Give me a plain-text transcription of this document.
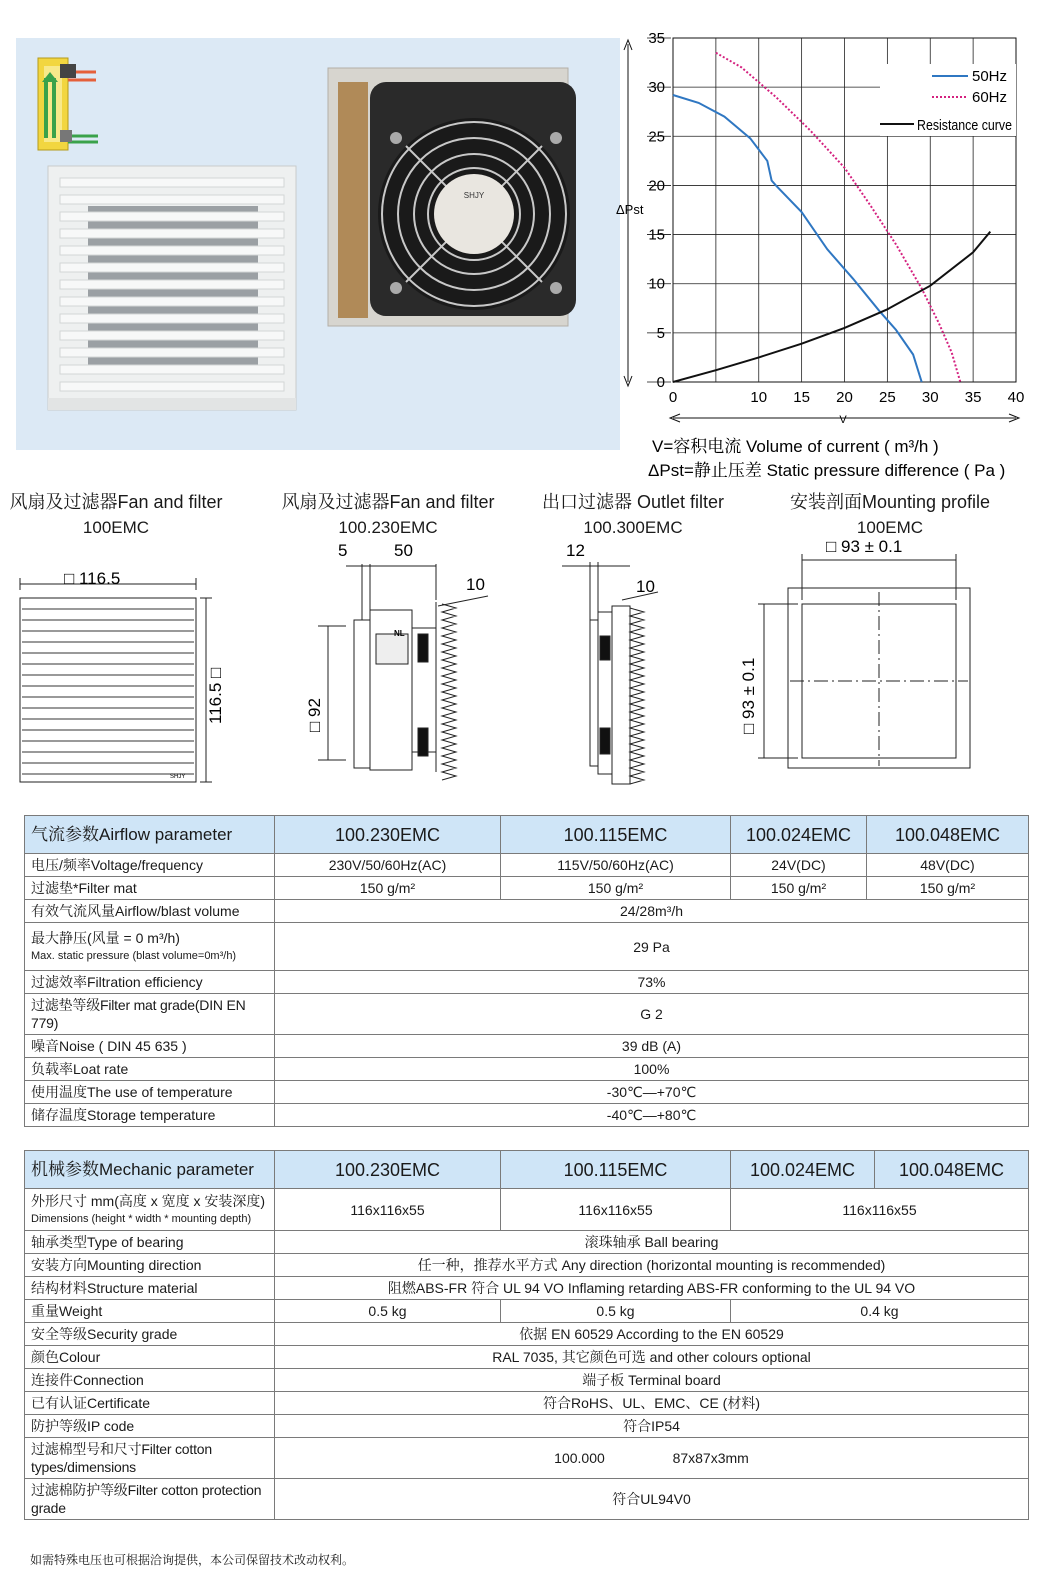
SHJY
0
5
10
15
20
25
30
35
0	10 15 20 25 30 35 40
ΔPst
V
50Hz
60Hz
Resistance curve
V=容积电流 Volume of current ( m³/h )
ΔPst=静止压差 Static pressure difference ( Pa )
风扇及过滤器Fan and filter
100EMC
风扇及过滤器Fan and filter
100.230EMC
出口过滤器 Outlet filter
100.300EMC
安装剖面Mounting profile
100EMC
□ 116.5
SHJY
116.5 □
5	50
10
□ 92
NL
12
10
□ 93 ± 0.1
□ 93 ± 0.1
气流参数Airflow parameter	100.230EMC	100.115EMC	100.024EMC	100.048EMC
电压/频率Voltage/frequency	230V/50/60Hz(AC)	115V/50/60Hz(AC)	24V(DC)	48V(DC)
过滤垫*Filter mat	150 g/m²	150 g/m²	150 g/m²	150 g/m²
有效气流风量Airflow/blast volume	24/28m³/h			

最大静压(风量 = 0 m³/h)
Max. static pressure (blast volume=0m³/h)	29 Pa			
过滤效率Filtration efficiency	73%			
过滤垫等级Filter mat grade(DIN EN 779)	G 2			
噪音Noise ( DIN 45 635 )	39 dB (A)			
负载率Loat rate	100%			
使用温度The use of temperature	-30℃—+70℃			
储存温度Storage temperature	-40℃—+80℃			
机械参数Mechanic parameter	100.230EMC	100.115EMC	100.024EMC	100.048EMC

外形尺寸 mm(高度 x 宽度 x 安装深度)
Dimensions (height * width * mounting depth)	116x116x55	116x116x55	116x116x55	
轴承类型Type of bearing	滚珠轴承 Ball bearing			
安装方向Mounting direction	任一种，推荐水平方式 Any direction (horizontal mounting is recommended)			
结构材料Structure material	阻燃ABS-FR 符合 UL 94 VO Inflaming retarding ABS-FR conforming to the UL 94 VO			
重量Weight	0.5 kg	0.5 kg	0.4 kg	
安全等级Security grade	依据 EN 60529 According to the EN 60529			
颜色Colour	RAL 7035, 其它颜色可选 and other colours optional			
连接件Connection	端子板 Terminal board			
已有认证Certificate	符合RoHS、UL、EMC、CE (材料)			
防护等级IP code	符合IP54			
过滤棉型号和尺寸Filter cotton types/dimensions	100.000 87x87x3mm			
过滤棉防护等级Filter cotton protection grade	符合UL94V0			
如需特殊电压也可根据洽询提供，本公司保留技术改动权利。
